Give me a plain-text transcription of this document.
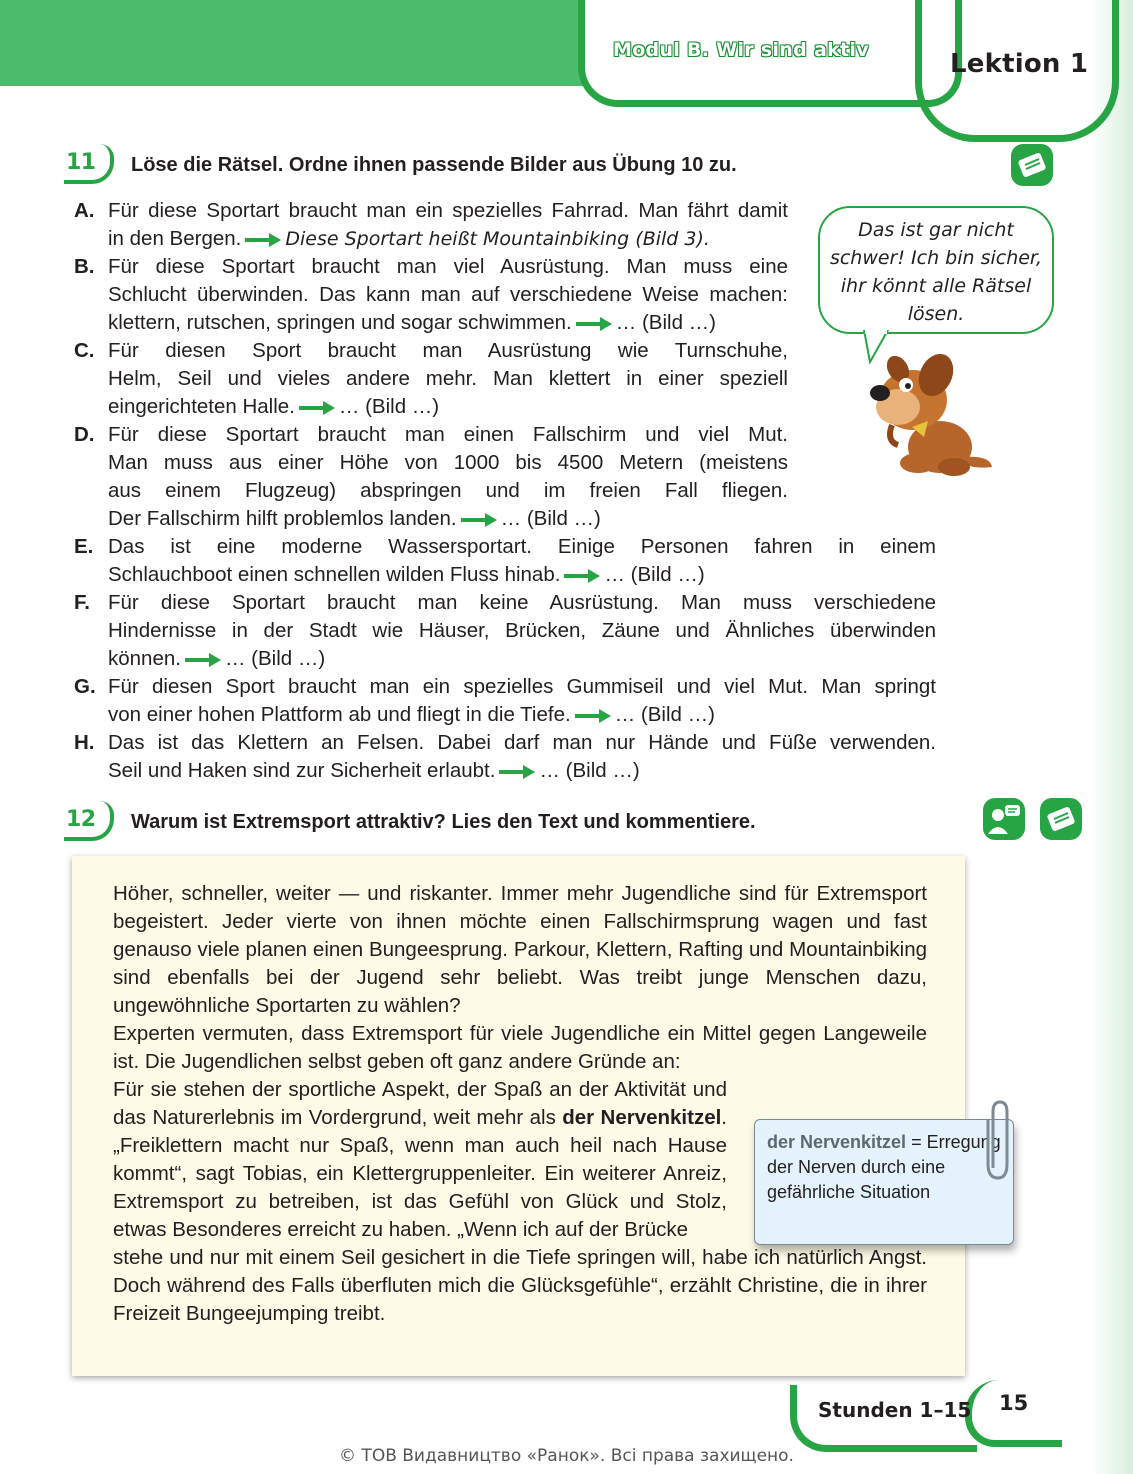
Modul B. Wir sind aktiv	Lektion 1
11 Löse die Rätsel. Ordne ihnen passende Bilder aus Übung 10 zu.
A. Für diese Sportart braucht man ein spezielles Fahrrad. Man fährt damit
in den Bergen. Diese Sportart heißt Mountainbiking (Bild 3).
B. Für diese Sportart braucht man viel Ausrüstung. Man muss eine
Schlucht überwinden. Das kann man auf verschiedene Weise machen:
klettern, rutschen, springen und sogar schwimmen. … (Bild …)
C. Für diesen Sport braucht man Ausrüstung wie Turnschuhe,
Helm, Seil und vieles andere mehr. Man klettert in einer speziell
eingerichteten Halle. … (Bild …)
D. Für diese Sportart braucht man einen Fallschirm und viel Mut.
Man muss aus einer Höhe von 1000 bis 4500 Metern (meistens
aus einem Flugzeug) abspringen und im freien Fall fliegen.
Der Fallschirm hilft problemlos landen. … (Bild …)
E. Das ist eine moderne Wassersportart. Einige Personen fahren in einem
Schlauchboot einen schnellen wilden Fluss hinab. … (Bild …)
F. Für diese Sportart braucht man keine Ausrüstung. Man muss verschiedene
Hindernisse in der Stadt wie Häuser, Brücken, Zäune und Ähnliches überwinden
können. … (Bild …)
G. Für diesen Sport braucht man ein spezielles Gummiseil und viel Mut. Man springt
von einer hohen Plattform ab und fliegt in die Tiefe. … (Bild …)
H. Das ist das Klettern an Felsen. Dabei darf man nur Hände und Füße verwenden.
Seil und Haken sind zur Sicherheit erlaubt. … (Bild …)
Das ist gar nicht schwer! Ich bin sicher, ihr könnt alle Rätsel lösen.
12 Warum ist Extremsport attraktiv? Lies den Text und kommentiere.

Höher, schneller, weiter — und riskanter. Immer mehr Jugendliche sind für Extremsport begeistert. Jeder vierte von ihnen möchte einen Fallschirmsprung wagen und fast genauso viele planen einen Bungeesprung. Parkour, Klettern, Rafting und Mountainbiking sind ebenfalls bei der Jugend sehr beliebt. Was treibt junge Menschen dazu, ungewöhnliche Sportarten zu wählen?

Experten vermuten, dass Extremsport für viele Jugendliche ein Mittel gegen Langeweile ist. Die Jugendlichen selbst geben oft ganz andere Gründe an:

Für sie stehen der sportliche Aspekt, der Spaß an der Aktivität und das Naturerlebnis im Vordergrund, weit mehr als der Nervenkitzel. „Freiklettern macht nur Spaß, wenn man auch heil nach Hause kommt“, sagt Tobias, ein Klettergruppenleiter. Ein weiterer Anreiz, Extremsport zu betreiben, ist das Gefühl von Glück und Stolz, etwas Besonderes erreicht zu haben. „Wenn ich auf der Brücke

stehe und nur mit einem Seil gesichert in die Tiefe springen will, habe ich natürlich Angst. Doch während des Falls überfluten mich die Glücksgefühle“, erzählt Christine, die in ihrer Freizeit Bungeejumping treibt.

der Nervenkitzel = Erregung der Nerven durch eine gefährliche Situation
Stunden 1–15 15
© ТОВ Видавництво «Ранок». Всі права захищено.
